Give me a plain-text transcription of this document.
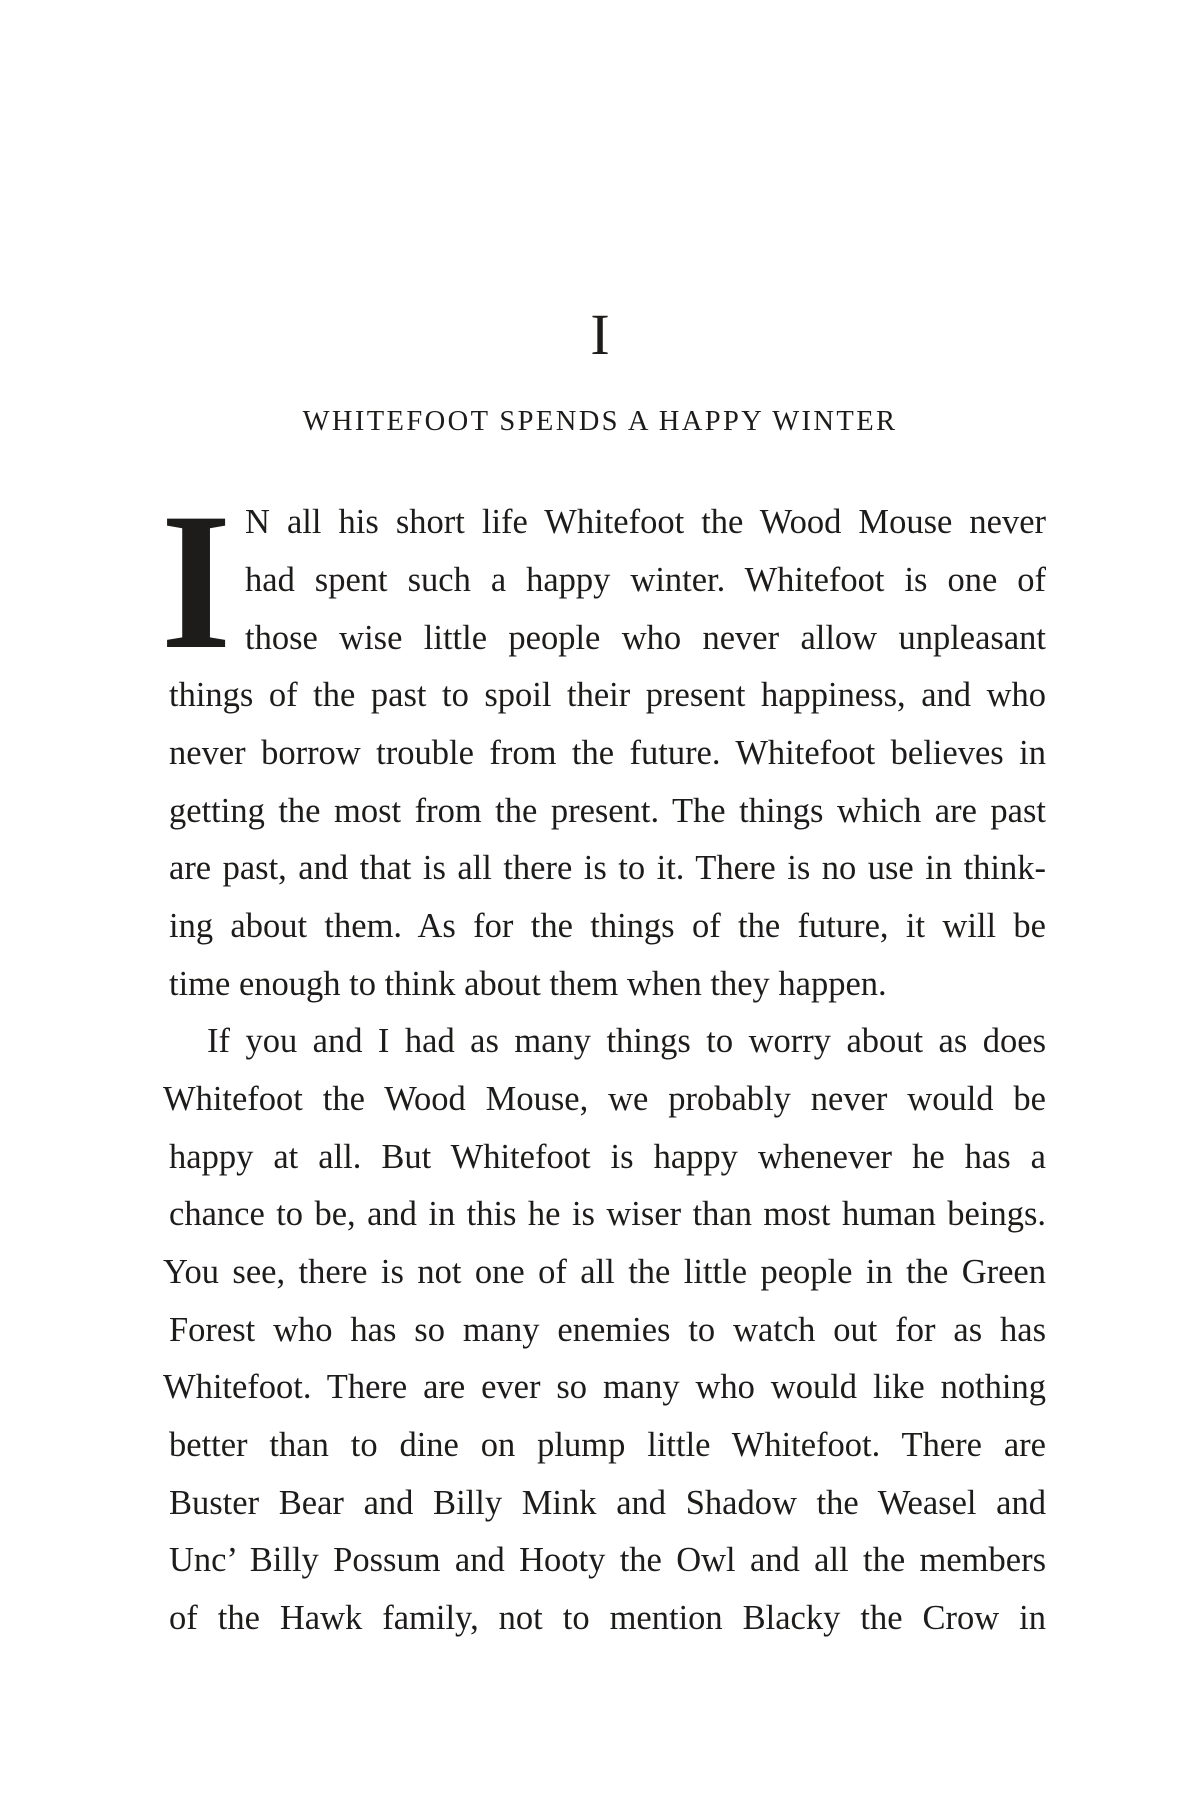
I
WHITEFOOT SPENDS A HAPPY WINTER
I N all his short life Whitefoot the Wood Mouse never
had spent such a happy winter. Whitefoot is one of
those wise little people who never allow unpleasant
things of the past to spoil their present happiness, and who
never borrow trouble from the future. Whitefoot believes in
getting the most from the present. The things which are past
are past, and that is all there is to it. There is no use in think-
ing about them. As for the things of the future, it will be
time enough to think about them when they happen.
If you and I had as many things to worry about as does
Whitefoot the Wood Mouse, we probably never would be
happy at all. But Whitefoot is happy whenever he has a
chance to be, and in this he is wiser than most human beings.
You see, there is not one of all the little people in the Green
Forest who has so many enemies to watch out for as has
Whitefoot. There are ever so many who would like nothing
better than to dine on plump little Whitefoot. There are
Buster Bear and Billy Mink and Shadow the Weasel and
Unc’ Billy Possum and Hooty the Owl and all the members
of the Hawk family, not to mention Blacky the Crow in
